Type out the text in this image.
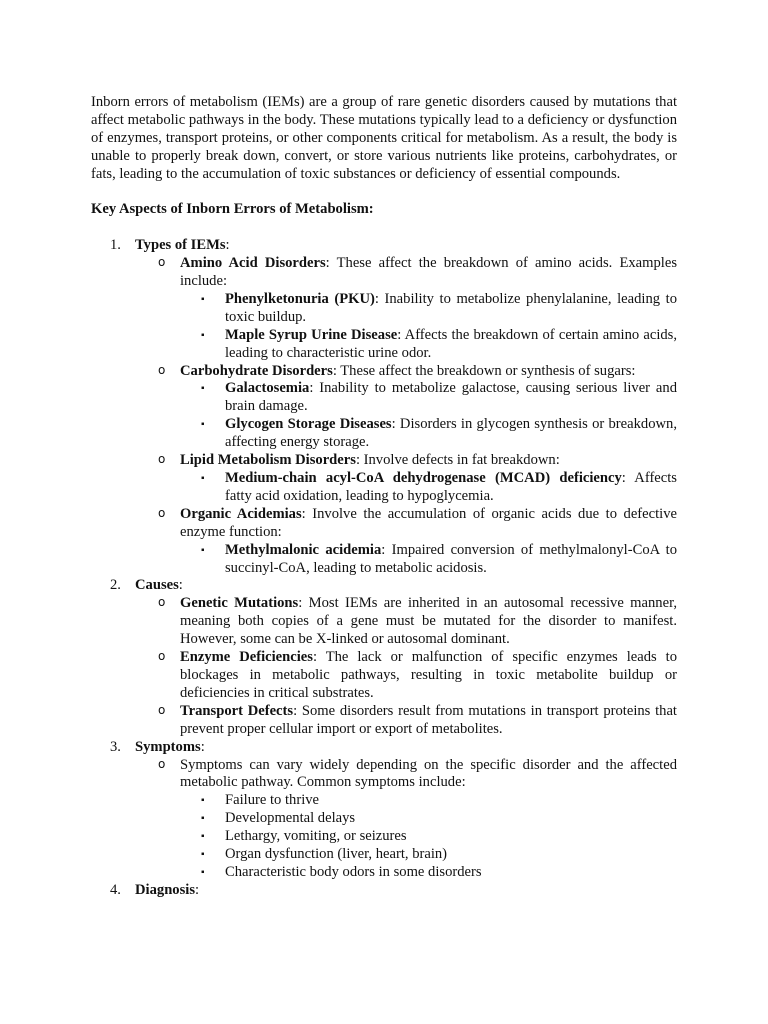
Inborn errors of metabolism (IEMs) are a group of rare genetic disorders caused by mutations that affect metabolic pathways in the body. These mutations typically lead to a deficiency or dysfunction of enzymes, transport proteins, or other components critical for metabolism. As a result, the body is unable to properly break down, convert, or store various nutrients like proteins, carbohydrates, or fats, leading to the accumulation of toxic substances or deficiency of essential compounds.

Key Aspects of Inborn Errors of Metabolism:

1. Types of IEMs:
o Amino Acid Disorders: These affect the breakdown of amino acids. Examples include:
▪ Phenylketonuria (PKU): Inability to metabolize phenylalanine, leading to toxic buildup.
▪ Maple Syrup Urine Disease: Affects the breakdown of certain amino acids, leading to characteristic urine odor.
o Carbohydrate Disorders: These affect the breakdown or synthesis of sugars:
▪ Galactosemia: Inability to metabolize galactose, causing serious liver and brain damage.
▪ Glycogen Storage Diseases: Disorders in glycogen synthesis or breakdown, affecting energy storage.
o Lipid Metabolism Disorders: Involve defects in fat breakdown:
▪ Medium-chain acyl-CoA dehydrogenase (MCAD) deficiency: Affects fatty acid oxidation, leading to hypoglycemia.
o Organic Acidemias: Involve the accumulation of organic acids due to defective enzyme function:
▪ Methylmalonic acidemia: Impaired conversion of methylmalonyl-CoA to succinyl-CoA, leading to metabolic acidosis.
2. Causes:
o Genetic Mutations: Most IEMs are inherited in an autosomal recessive manner, meaning both copies of a gene must be mutated for the disorder to manifest. However, some can be X-linked or autosomal dominant.
o Enzyme Deficiencies: The lack or malfunction of specific enzymes leads to blockages in metabolic pathways, resulting in toxic metabolite buildup or deficiencies in critical substrates.
o Transport Defects: Some disorders result from mutations in transport proteins that prevent proper cellular import or export of metabolites.
3. Symptoms:
o Symptoms can vary widely depending on the specific disorder and the affected metabolic pathway. Common symptoms include:
▪ Failure to thrive
▪ Developmental delays
▪ Lethargy, vomiting, or seizures
▪ Organ dysfunction (liver, heart, brain)
▪ Characteristic body odors in some disorders
4. Diagnosis:
